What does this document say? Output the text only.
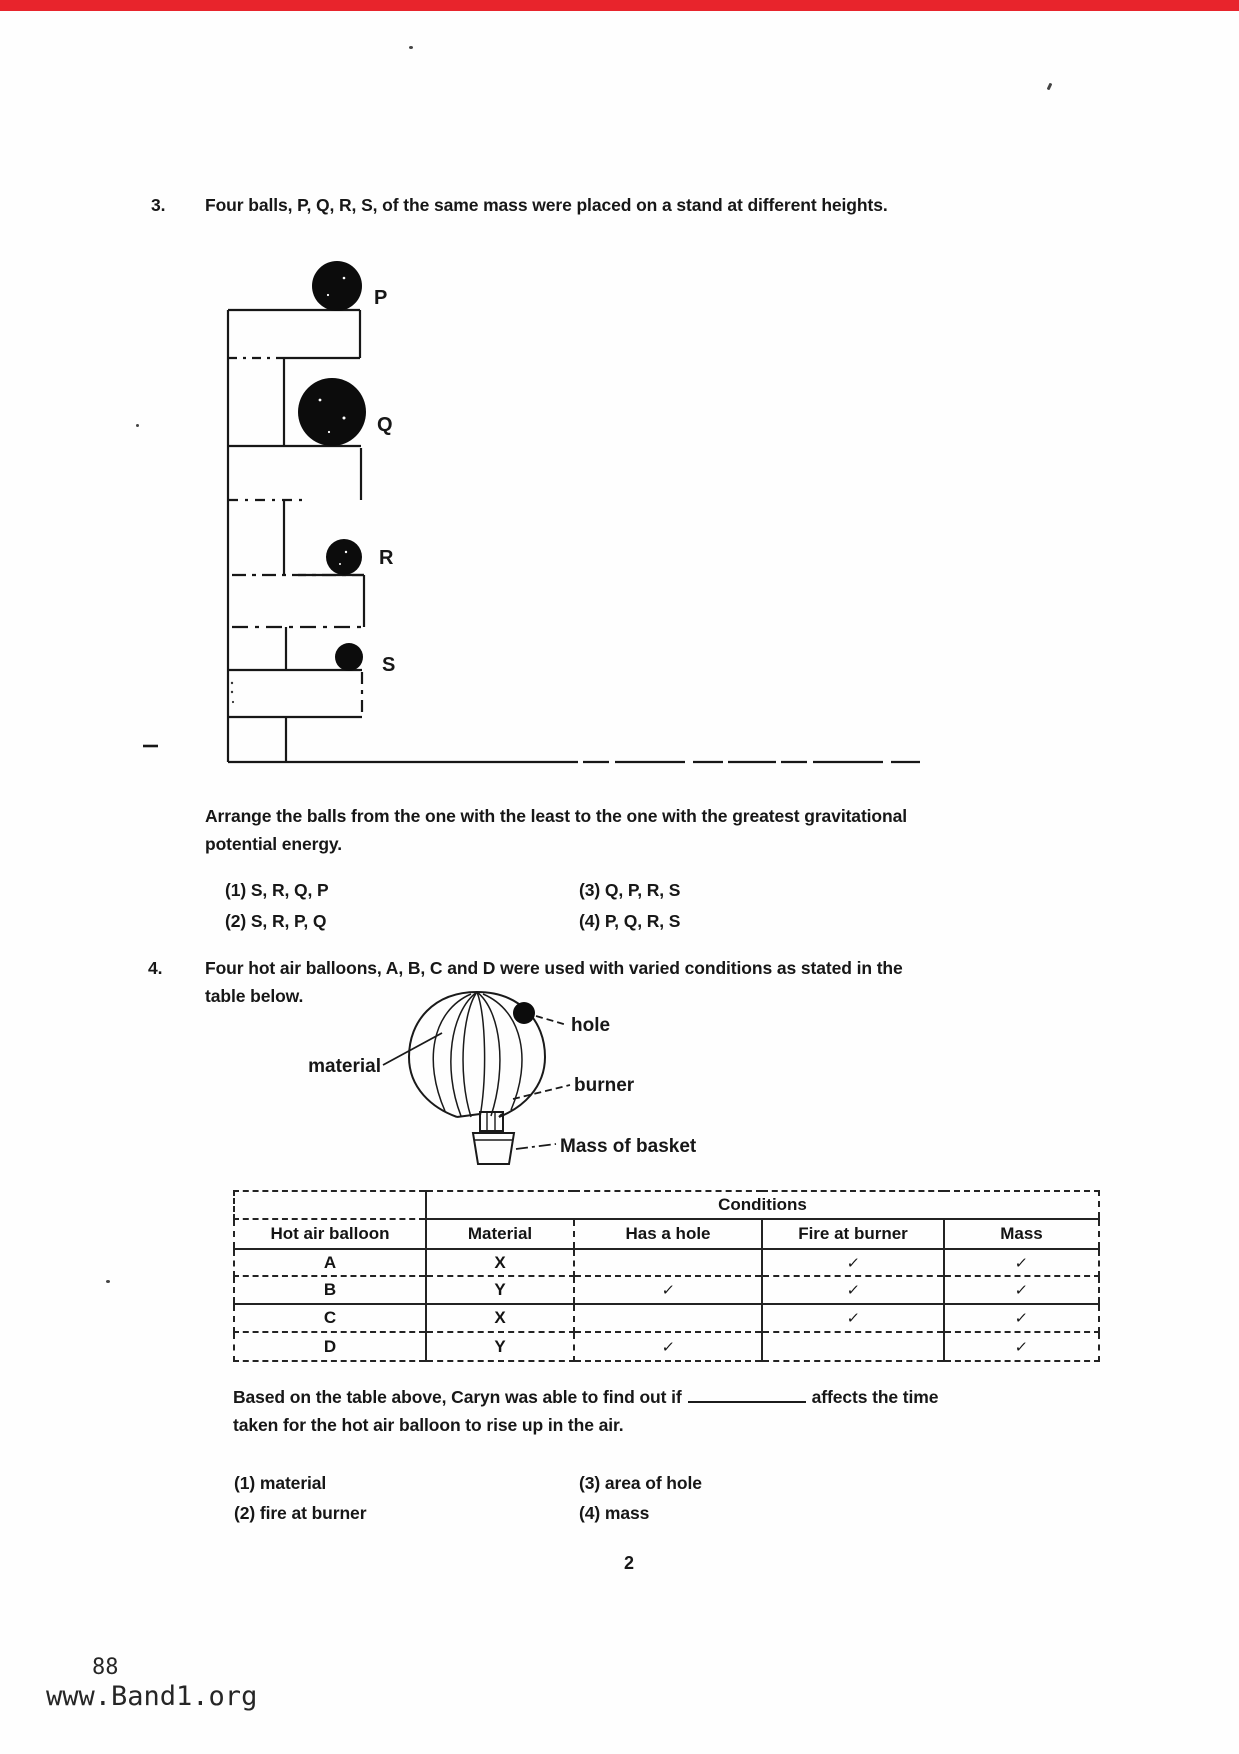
3. Four balls, P, Q, R, S, of the same mass were placed on a stand at different heights.
P
Q
R
S
Arrange the balls from the one with the least to the one with the greatest gravitational
potential energy.
(1) S, R, Q, P
(2) S, R, P, Q
(3) Q, P, R, S
(4) P, Q, R, S
4. Four hot air balloons, A, B, C and D were used with varied conditions as stated in the
table below.
material
hole
burner
Mass of basket
	Conditions			
Hot air balloon	Material	Has a hole	Fire at burner	Mass
A	X		✓	✓
B	Y	✓	✓	✓
C	X		✓	✓
D	Y	✓		✓
Based on the table above, Caryn was able to find out if	affects the time
taken for the hot air balloon to rise up in the air.
(1) material
(2) fire at burner
(3) area of hole
(4) mass
2
88
www.Band1.org
